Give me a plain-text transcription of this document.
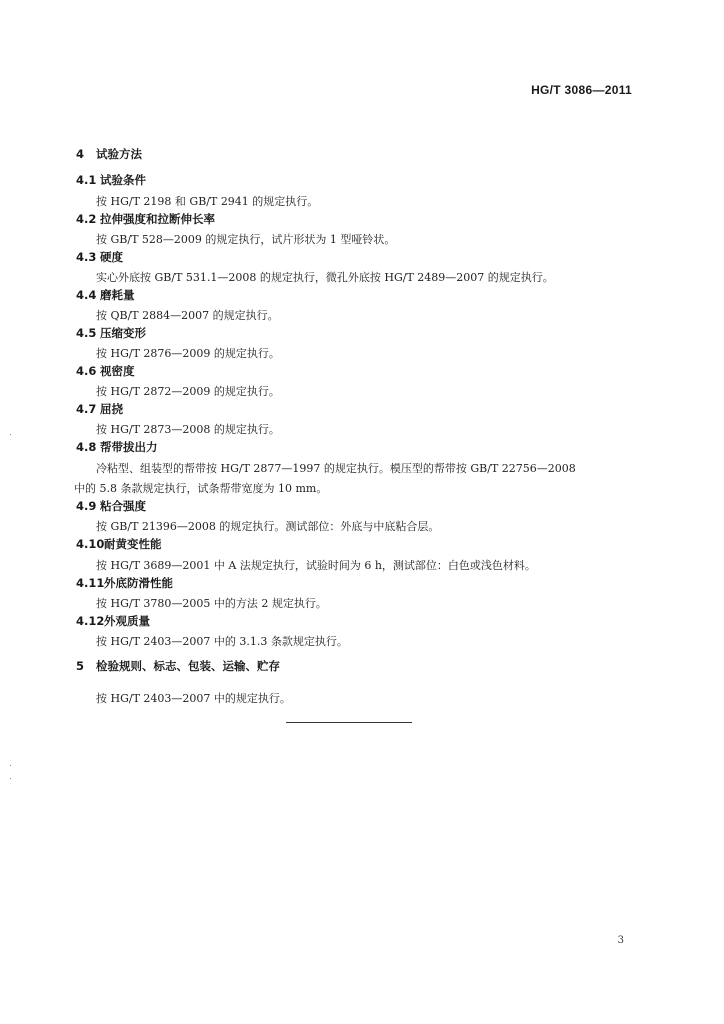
HG/T 3086—2011
4 试验方法
4.1 试验条件
按 HG/T 2198 和 GB/T 2941 的规定执行。
4.2 拉伸强度和拉断伸长率
按 GB/T 528—2009 的规定执行，试片形状为 1 型哑铃状。
4.3 硬度
实心外底按 GB/T 531.1—2008 的规定执行，微孔外底按 HG/T 2489—2007 的规定执行。
4.4 磨耗量
按 QB/T 2884—2007 的规定执行。
4.5 压缩变形
按 HG/T 2876—2009 的规定执行。
4.6 视密度
按 HG/T 2872—2009 的规定执行。
4.7 屈挠
按 HG/T 2873—2008 的规定执行。
4.8 帮带拔出力
冷粘型、组装型的帮带按 HG/T 2877—1997 的规定执行。模压型的帮带按 GB/T 22756—2008
中的 5.8 条款规定执行，试条帮带宽度为 10 mm。
4.9 粘合强度
按 GB/T 21396—2008 的规定执行。测试部位：外底与中底粘合层。
4.10耐黄变性能
按 HG/T 3689—2001 中 A 法规定执行，试验时间为 6 h，测试部位：白色或浅色材料。
4.11外底防滑性能
按 HG/T 3780—2005 中的方法 2 规定执行。
4.12外观质量
按 HG/T 2403—2007 中的 3.1.3 条款规定执行。
5 检验规则、标志、包装、运输、贮存
按 HG/T 2403—2007 中的规定执行。
3
